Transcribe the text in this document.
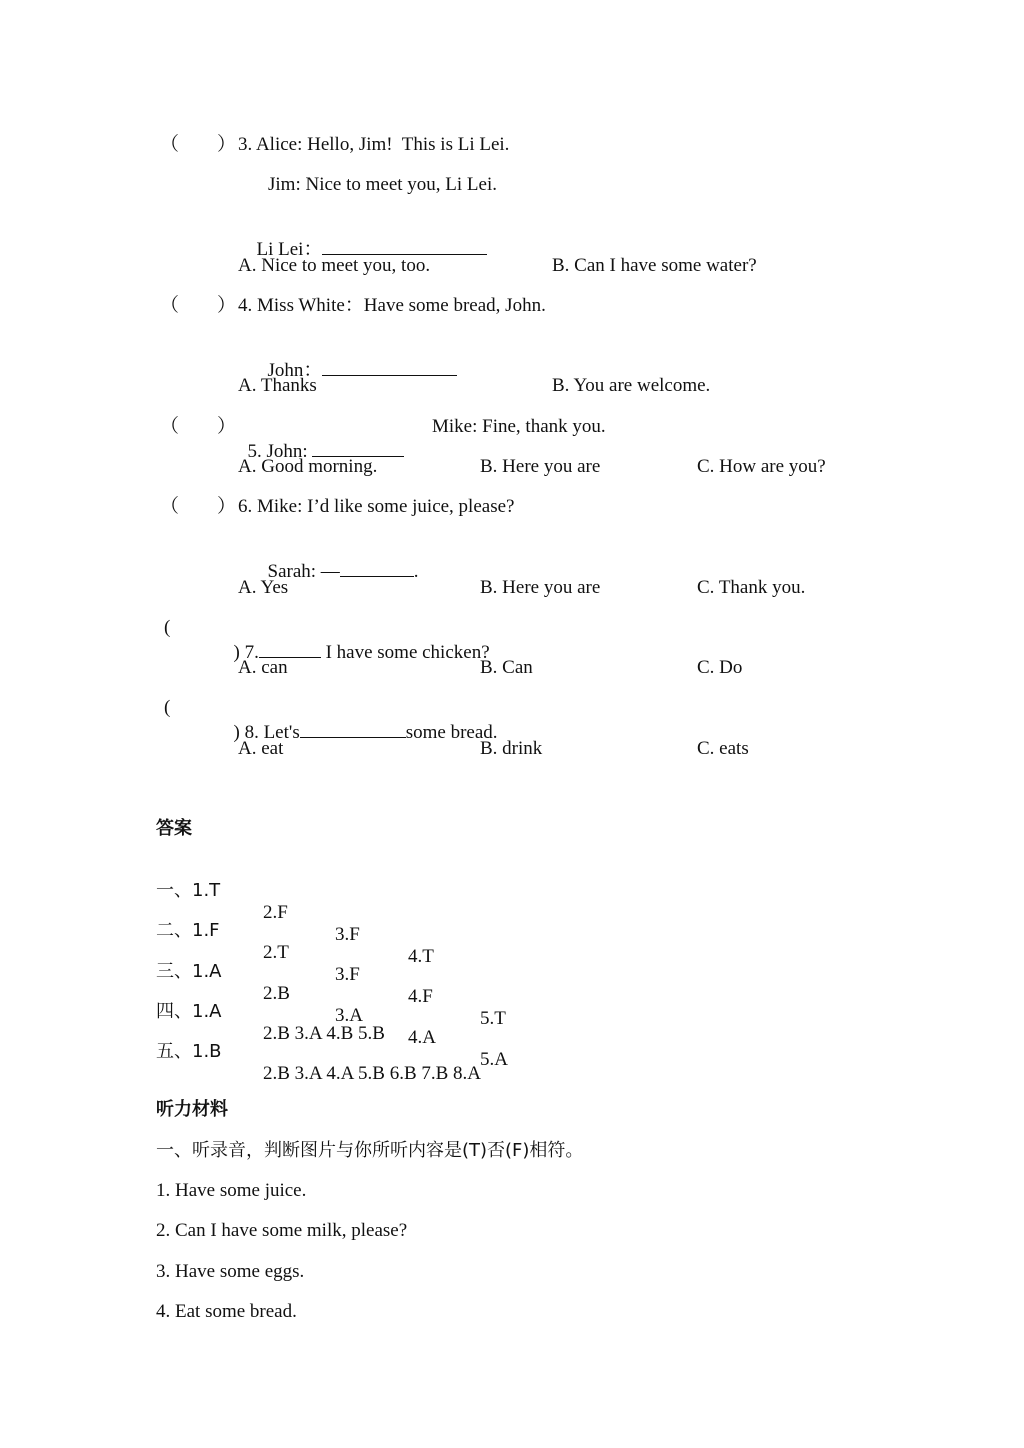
（　　） 3. Alice: Hello, Jim!  This is Li Lei.
Jim: Nice to meet you, Li Lei.

Li Lei：

A. Nice to meet you, too.	B. Can I have some water?
（　　） 4. Miss White：Have some bread, John.

John：

A. Thanks	B. You are welcome.
（　　）

5. John:

Mike: Fine, thank you.
A. Good morning.	B. Here you are	C. How are you?
（　　） 6. Mike: I’d like some juice, please?

Sarah: —	.

A. Yes	B. Here you are	C. Thank you.
(

) 7.	I have some chicken?

A. can	B. Can	C. Do
(

) 8. Let's	some bread.

A. eat	B. drink	C. eats
答案

一、1.T

2.F

3.F

4.T

二、1.F

2.T

3.F

4.F

5.T

三、1.A

2.B

3.A

4.A

5.A

四、1.A

2.B 3.A 4.B 5.B

五、1.B

2.B 3.A 4.A 5.B 6.B 7.B 8.A

听力材料
一、听录音，判断图片与你所听内容是(T)否(F)相符。
1. Have some juice.
2. Can I have some milk, please?
3. Have some eggs.
4. Eat some bread.
